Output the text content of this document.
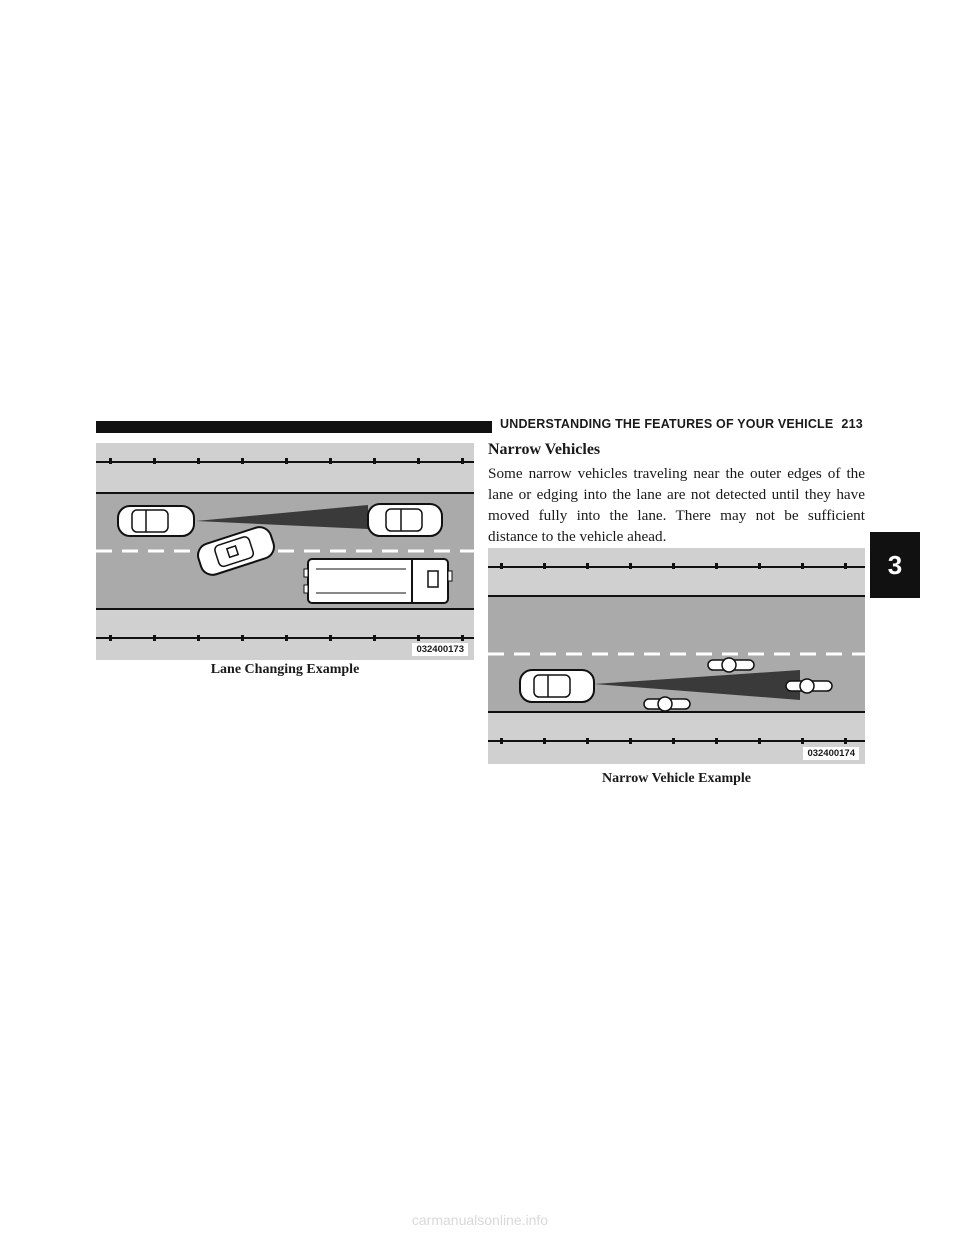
UNDERSTANDING THE FEATURES OF YOUR VEHICLE 213
3
032400173
Lane Changing Example
Narrow Vehicles

Some narrow vehicles traveling near the outer edges of the lane or edging into the lane are not detected until they have moved fully into the lane. There may not be sufficient distance to the vehicle ahead.

032400174
Narrow Vehicle Example
carmanualsonline.info
